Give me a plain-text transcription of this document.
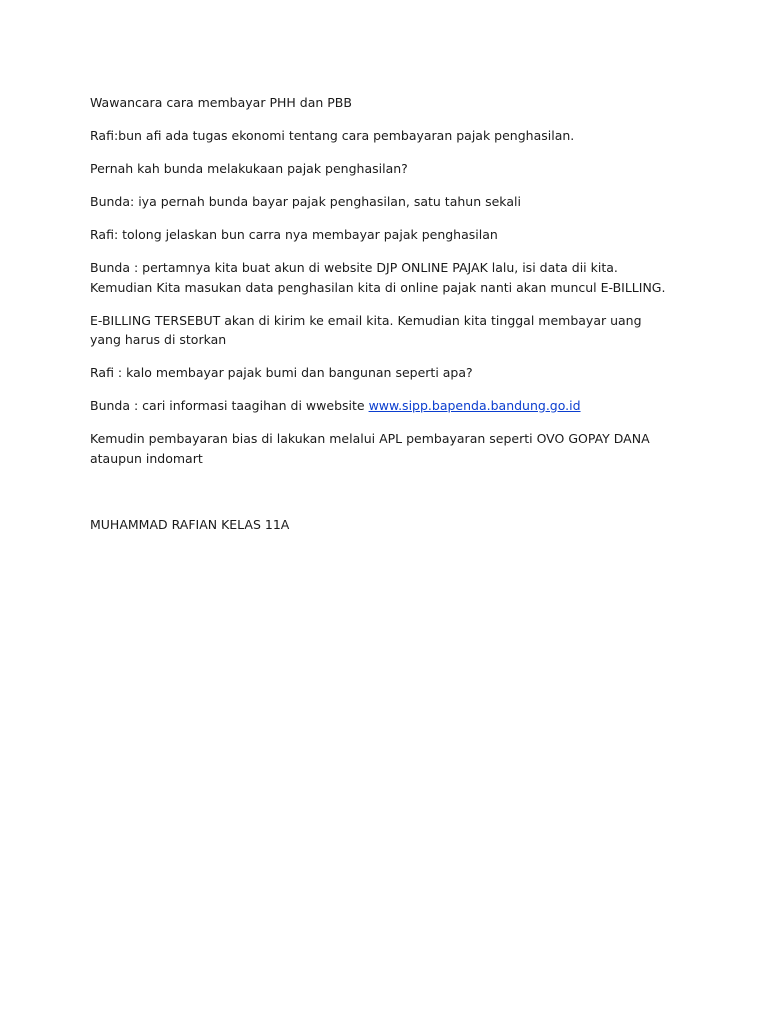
Wawancara cara membayar PHH dan PBB

Rafi:bun afi ada tugas ekonomi tentang cara pembayaran pajak penghasilan.

Pernah kah bunda melakukaan pajak penghasilan?

Bunda: iya pernah bunda bayar pajak penghasilan, satu tahun sekali

Rafi: tolong jelaskan bun carra nya membayar pajak penghasilan

Bunda : pertamnya kita buat akun di website DJP ONLINE PAJAK lalu, isi data dii kita. Kemudian Kita masukan data penghasilan kita di online pajak nanti akan muncul E-BILLING.

E-BILLING TERSEBUT akan di kirim ke email kita. Kemudian kita tinggal membayar uang yang harus di storkan

Rafi : kalo membayar pajak bumi dan bangunan seperti apa?

Bunda : cari informasi taagihan di wwebsite www.sipp.bapenda.bandung.go.id

Kemudin pembayaran bias di lakukan melalui APL pembayaran seperti OVO GOPAY DANA ataupun indomart

MUHAMMAD RAFIAN KELAS 11A
